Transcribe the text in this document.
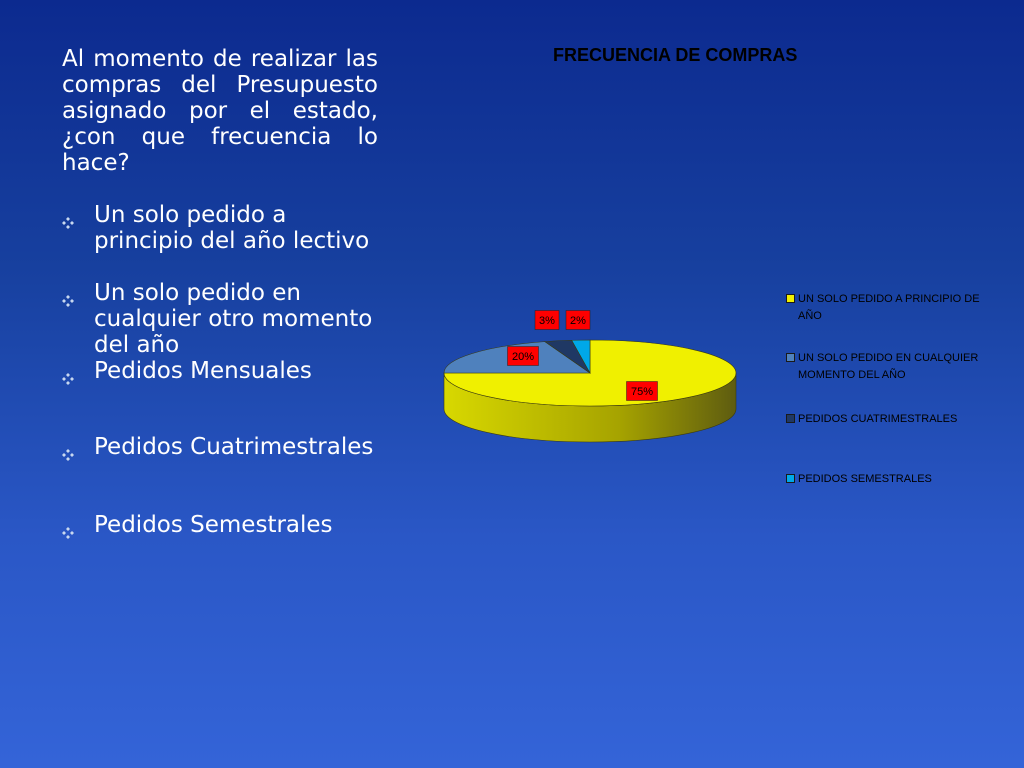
Al momento de realizar las compras del Presupuesto asignado por el estado, ¿con que frecuencia lo hace?

Un solo pedido a principio del año lectivo
Un solo pedido en cualquier otro momento del año
Pedidos Mensuales
Pedidos Cuatrimestrales
Pedidos Semestrales
FRECUENCIA DE COMPRAS
75%
20%
3% 2%
UN SOLO PEDIDO A PRINCIPIO DE AÑO
UN SOLO PEDIDO EN CUALQUIER MOMENTO DEL AÑO
PEDIDOS CUATRIMESTRALES
PEDIDOS SEMESTRALES
